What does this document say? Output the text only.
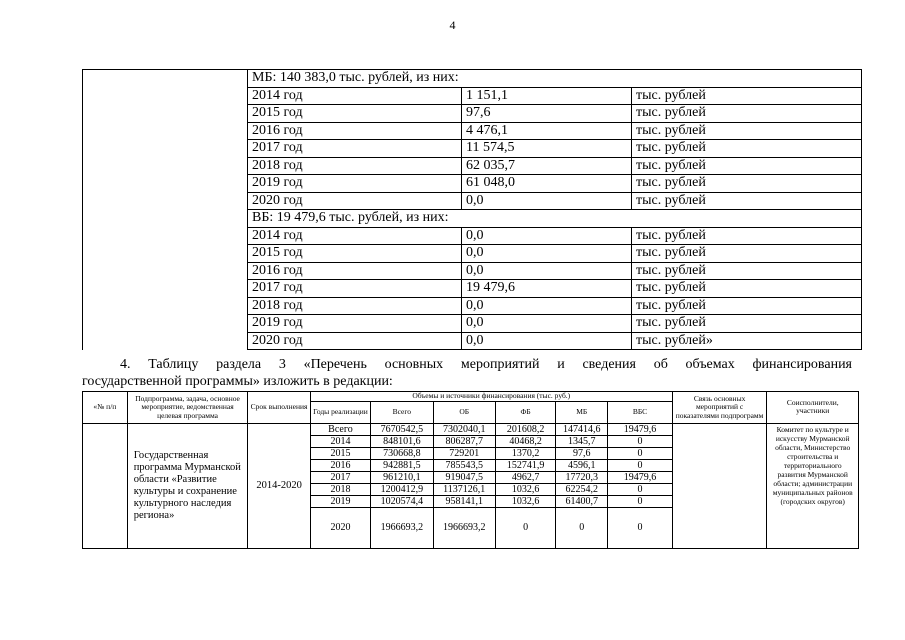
4
	МБ: 140 383,0 тыс. рублей, из них:		
	2014 год	1 151,1	тыс. рублей
	2015 год	97,6	тыс. рублей
	2016 год	4 476,1	тыс. рублей
	2017 год	11 574,5	тыс. рублей
	2018 год	62 035,7	тыс. рублей
	2019 год	61 048,0	тыс. рублей
	2020 год	0,0	тыс. рублей
	ВБ: 19 479,6 тыс. рублей, из них:		
	2014 год	0,0	тыс. рублей
	2015 год	0,0	тыс. рублей
	2016 год	0,0	тыс. рублей
	2017 год	19 479,6	тыс. рублей
	2018 год	0,0	тыс. рублей
	2019 год	0,0	тыс. рублей
	2020 год	0,0	тыс. рублей»
4. Таблицу раздела 3 «Перечень основных мероприятий и сведения об объемах финансирования
государственной программы» изложить в редакции:
«№ п/п	Подпрограмма, задача, основное мероприятие, ведомственная целевая программа	Срок выполнения	Объемы и источники финансирования (тыс. руб.)						Связь основных мероприятий с показателями подпрограмм	Соисполнители, участники
			Годы реализации	Всего	ОБ	ФБ	МБ	ВБС		
	Государственная программа Мурманской области «Развитие культуры и сохранение культурного наследия региона»	2014-2020	Всего	7670542,5	7302040,1	201608,2	147414,6	19479,6		Комитет по культуре и искусству Мурманской области, Министерство строительства и территориального развития Мурманской области; администрации муниципальных районов (городских округов)
			2014	848101,6	806287,7	40468,2	1345,7	0		
			2015	730668,8	729201	1370,2	97,6	0		
			2016	942881,5	785543,5	152741,9	4596,1	0		
			2017	961210,1	919047,5	4962,7	17720,3	19479,6		
			2018	1200412,9	1137126,1	1032,6	62254,2	0		
			2019	1020574,4	958141,1	1032,6	61400,7	0		
			2020	1966693,2	1966693,2	0	0	0		
